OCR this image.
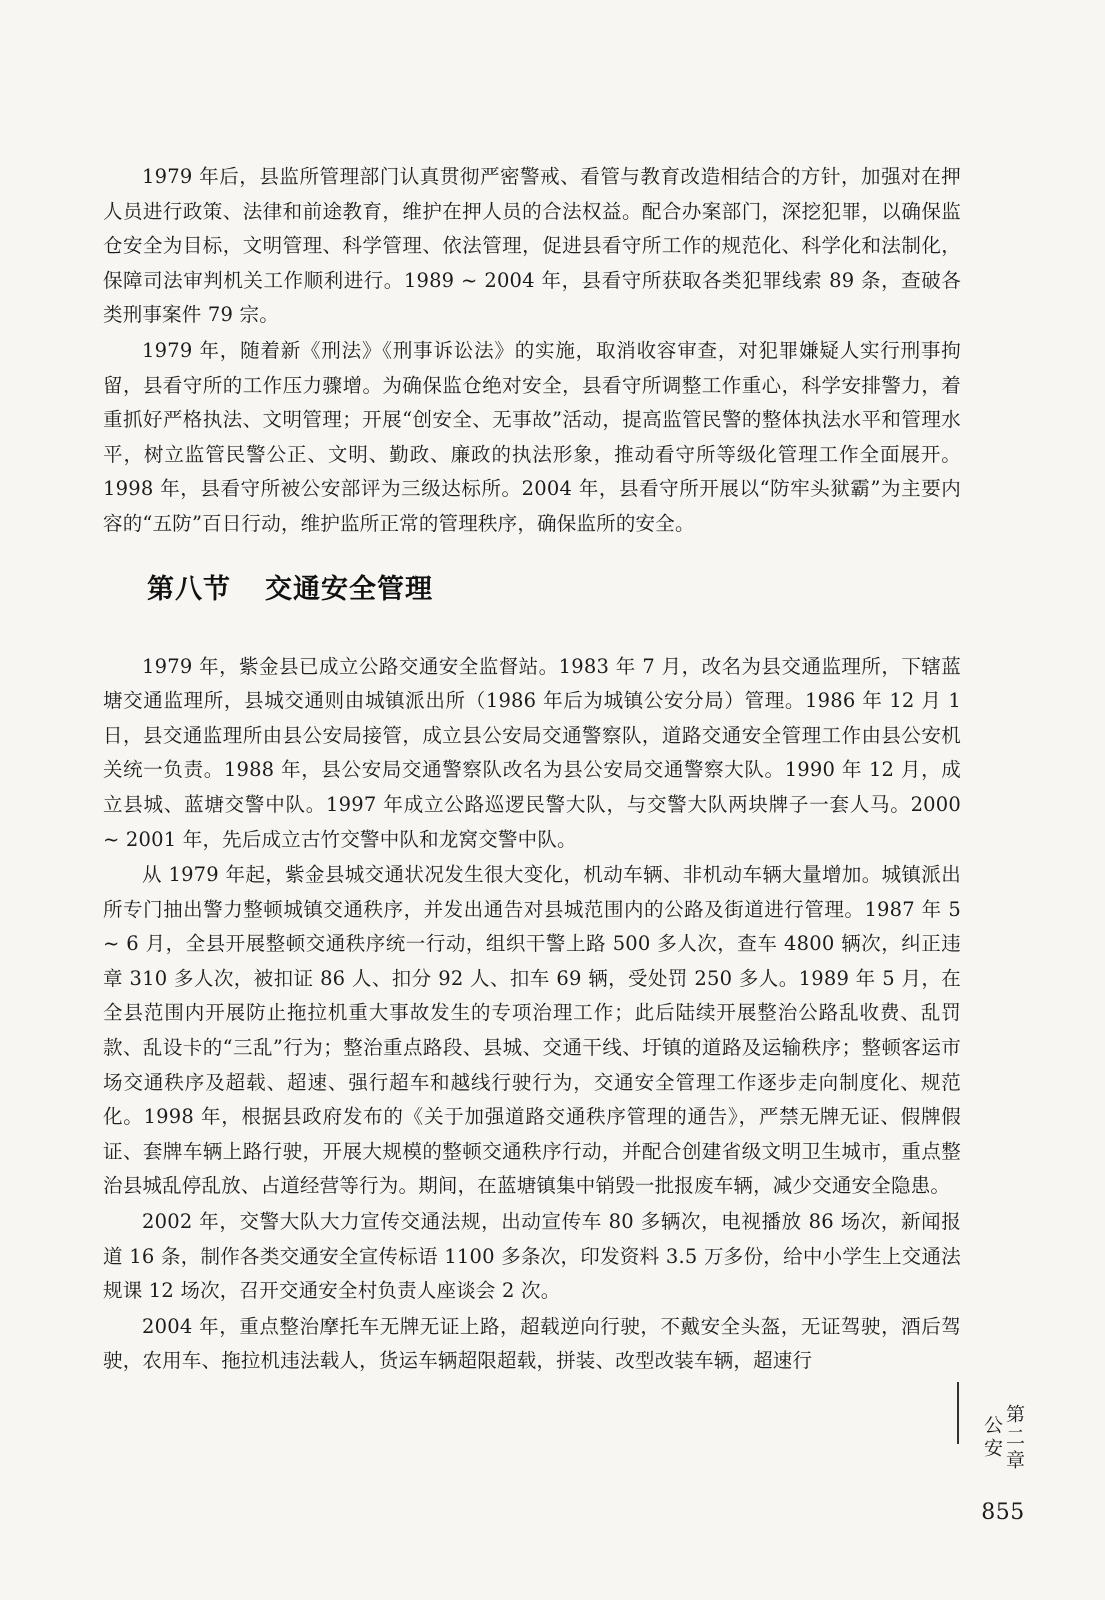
1979 年后，县监所管理部门认真贯彻严密警戒、看管与教育改造相结合的方针，加强对在押人员进行政策、法律和前途教育，维护在押人员的合法权益。配合办案部门，深挖犯罪，以确保监仓安全为目标，文明管理、科学管理、依法管理，促进县看守所工作的规范化、科学化和法制化，保障司法审判机关工作顺利进行。1989 ~ 2004 年，县看守所获取各类犯罪线索 89 条，查破各类刑事案件 79 宗。

1979 年，随着新《刑法》《刑事诉讼法》的实施，取消收容审查，对犯罪嫌疑人实行刑事拘留，县看守所的工作压力骤增。为确保监仓绝对安全，县看守所调整工作重心，科学安排警力，着重抓好严格执法、文明管理；开展“创安全、无事故”活动，提高监管民警的整体执法水平和管理水平，树立监管民警公正、文明、勤政、廉政的执法形象，推动看守所等级化管理工作全面展开。1998 年，县看守所被公安部评为三级达标所。2004 年，县看守所开展以“防牢头狱霸”为主要内容的“五防”百日行动，维护监所正常的管理秩序，确保监所的安全。

第八节 交通安全管理

1979 年，紫金县已成立公路交通安全监督站。1983 年 7 月，改名为县交通监理所，下辖蓝塘交通监理所，县城交通则由城镇派出所（1986 年后为城镇公安分局）管理。1986 年 12 月 1 日，县交通监理所由县公安局接管，成立县公安局交通警察队，道路交通安全管理工作由县公安机关统一负责。1988 年，县公安局交通警察队改名为县公安局交通警察大队。1990 年 12 月，成立县城、蓝塘交警中队。1997 年成立公路巡逻民警大队，与交警大队两块牌子一套人马。2000 ~ 2001 年，先后成立古竹交警中队和龙窝交警中队。

从 1979 年起，紫金县城交通状况发生很大变化，机动车辆、非机动车辆大量增加。城镇派出所专门抽出警力整顿城镇交通秩序，并发出通告对县城范围内的公路及街道进行管理。1987 年 5 ~ 6 月，全县开展整顿交通秩序统一行动，组织干警上路 500 多人次，查车 4800 辆次，纠正违章 310 多人次，被扣证 86 人、扣分 92 人、扣车 69 辆，受处罚 250 多人。1989 年 5 月，在全县范围内开展防止拖拉机重大事故发生的专项治理工作；此后陆续开展整治公路乱收费、乱罚款、乱设卡的“三乱”行为；整治重点路段、县城、交通干线、圩镇的道路及运输秩序；整顿客运市场交通秩序及超载、超速、强行超车和越线行驶行为，交通安全管理工作逐步走向制度化、规范化。1998 年，根据县政府发布的《关于加强道路交通秩序管理的通告》，严禁无牌无证、假牌假证、套牌车辆上路行驶，开展大规模的整顿交通秩序行动，并配合创建省级文明卫生城市，重点整治县城乱停乱放、占道经营等行为。期间，在蓝塘镇集中销毁一批报废车辆，减少交通安全隐患。

2002 年，交警大队大力宣传交通法规，出动宣传车 80 多辆次，电视播放 86 场次，新闻报道 16 条，制作各类交通安全宣传标语 1100 多条次，印发资料 3.5 万多份，给中小学生上交通法规课 12 场次，召开交通安全村负责人座谈会 2 次。

2004 年，重点整治摩托车无牌无证上路，超载逆向行驶，不戴安全头盔，无证驾驶，酒后驾驶，农用车、拖拉机违法载人，货运车辆超限超载，拼装、改型改装车辆，超速行

第二章　公安
855
